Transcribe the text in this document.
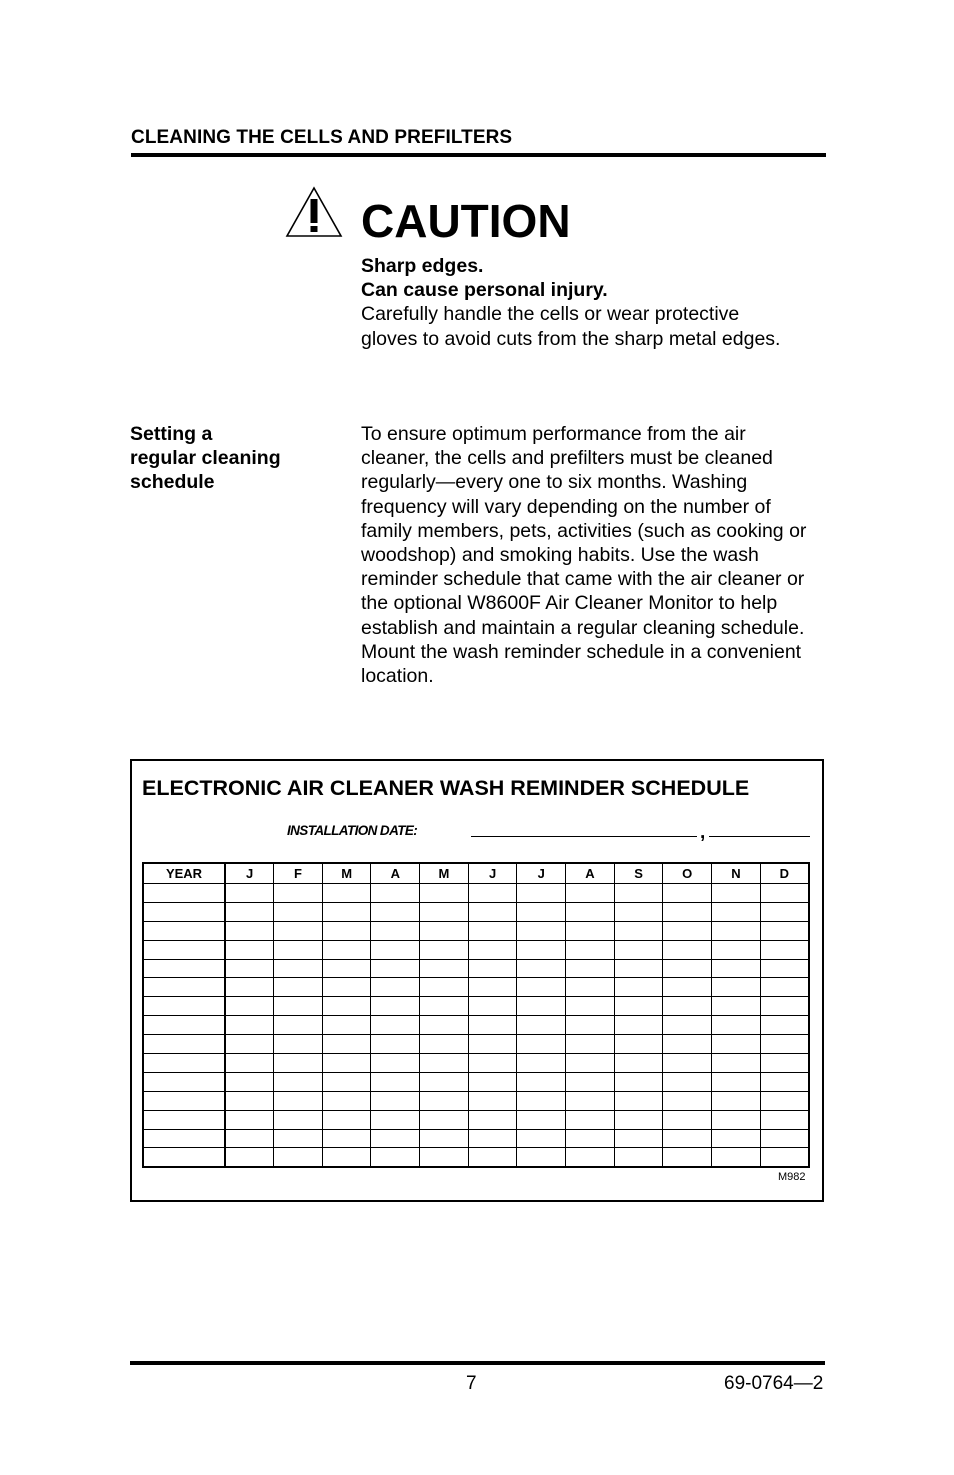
CLEANING THE CELLS AND PREFILTERS
CAUTION
Sharp edges.
Can cause personal injury.
Carefully handle the cells or wear protective gloves to avoid cuts from the sharp metal edges.
Setting a
regular cleaning
schedule
To ensure optimum performance from the air cleaner, the cells and prefilters must be cleaned regularly—every one to six months. Washing frequency will vary depending on the number of family members, pets, activities (such as cooking or woodshop) and smoking habits. Use the wash reminder schedule that came with the air cleaner or the optional W8600F Air Cleaner Monitor to help establish and maintain a regular cleaning schedule. Mount the wash reminder schedule in a convenient location.
ELECTRONIC AIR CLEANER WASH REMINDER SCHEDULE
INSTALLATION DATE:	,
YEAR	J	F	M	A	M	J	J	A	S	O	N	D

M982
7	69-0764—2
